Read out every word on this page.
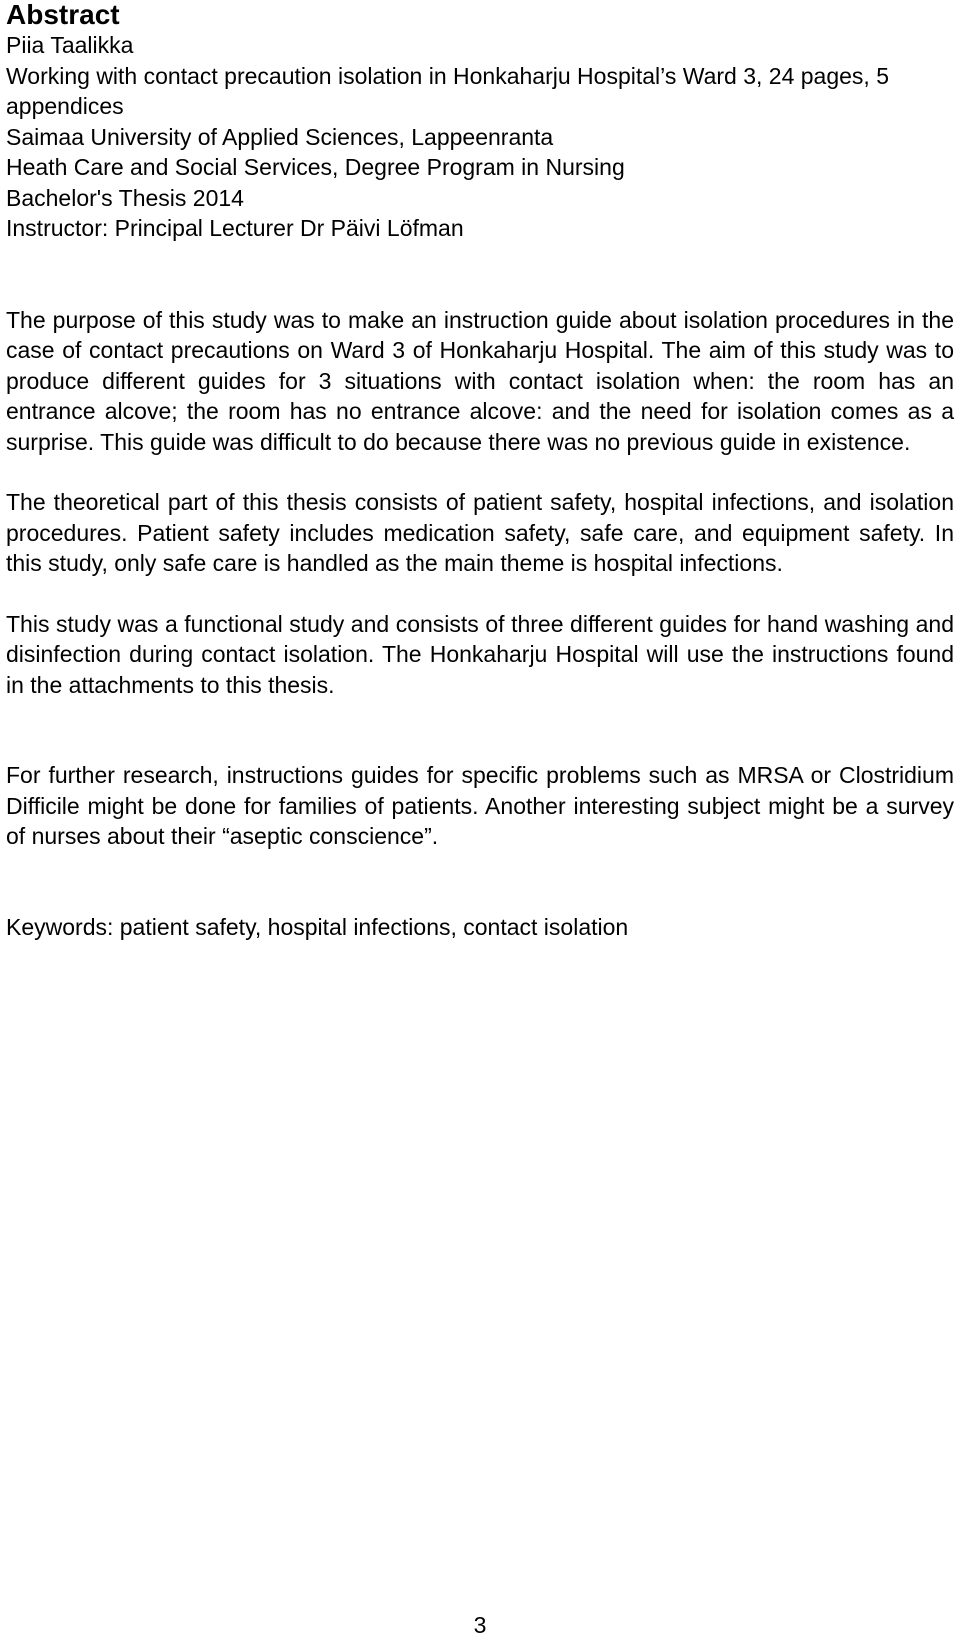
Abstract

Piia Taalikka

Working with contact precaution isolation in Honkaharju Hospital’s Ward 3, 24 pages, 5 appendices

Saimaa University of Applied Sciences, Lappeenranta

Heath Care and Social Services, Degree Program in Nursing

Bachelor's Thesis 2014

Instructor: Principal Lecturer Dr Päivi Löfman

The purpose of this study was to make an instruction guide about isolation procedures in the case of contact precautions on Ward 3 of Honkaharju Hospital. The aim of this study was to produce different guides for 3 situations with contact isolation when: the room has an entrance alcove; the room has no entrance alcove: and the need for isolation comes as a surprise. This guide was difficult to do because there was no previous guide in existence.

The theoretical part of this thesis consists of patient safety, hospital infections, and isolation procedures. Patient safety includes medication safety, safe care, and equipment safety. In this study, only safe care is handled as the main theme is hospital infections.

This study was a functional study and consists of three different guides for hand washing and disinfection during contact isolation. The Honkaharju Hospital will use the instructions found in the attachments to this thesis.

For further research, instructions guides for specific problems such as MRSA or Clostridium Difficile might be done for families of patients. Another interesting subject might be a survey of nurses about their “aseptic conscience”.

Keywords: patient safety, hospital infections, contact isolation

3
